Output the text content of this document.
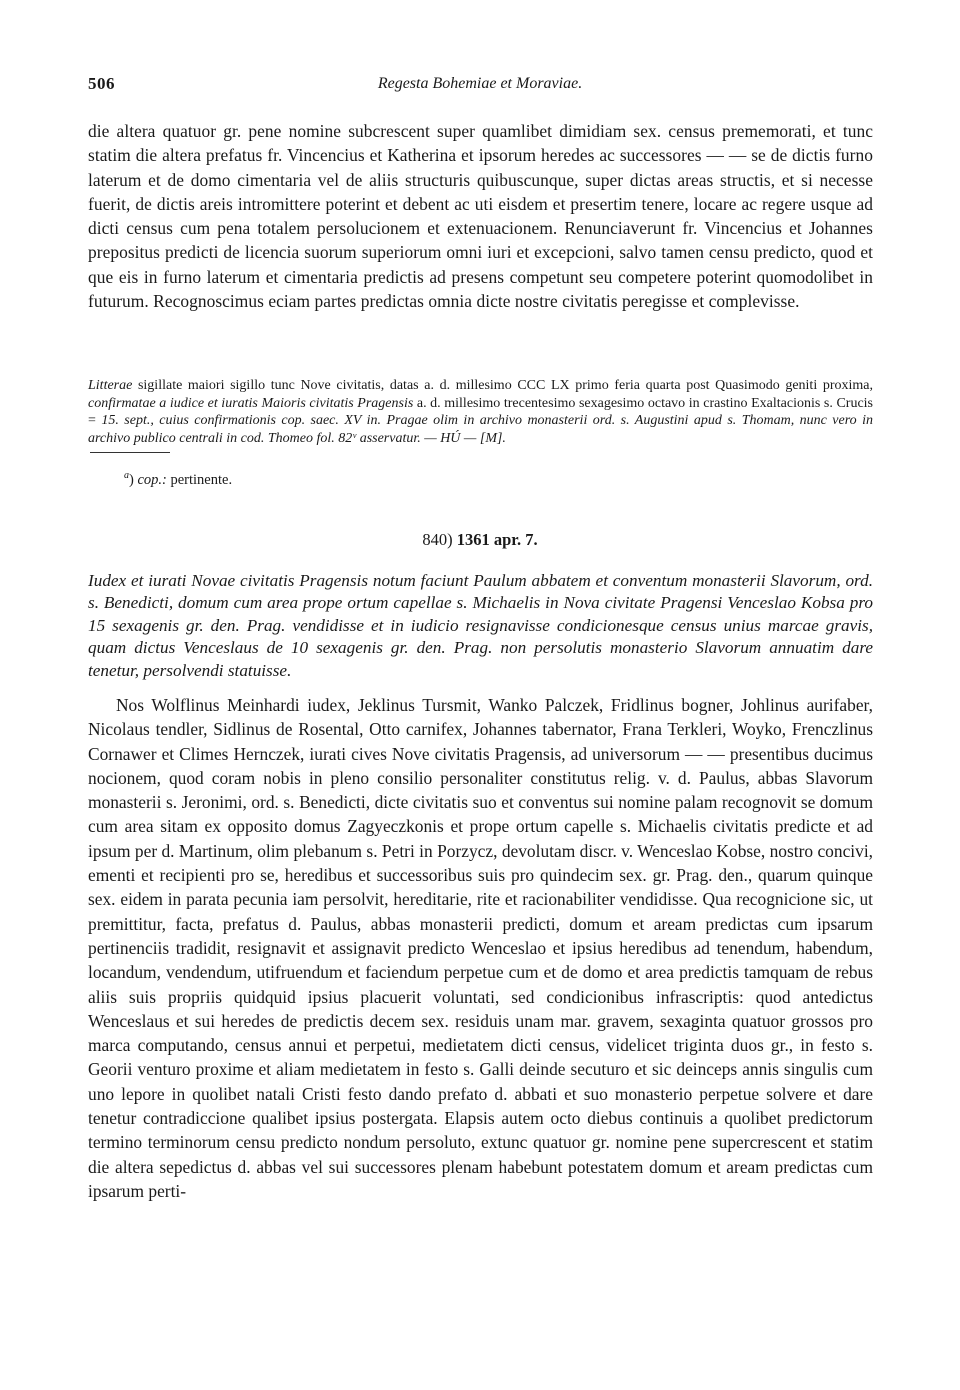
506	Regesta Bohemiae et Moraviae.

die altera quatuor gr. pene nomine subcrescent super quamlibet dimidiam sex. census prememorati, et tunc statim die altera prefatus fr. Vincencius et Katherina et ipsorum heredes ac successores — — se de dictis furno laterum et de domo cimentaria vel de aliis structuris quibuscunque, super dictas areas structis, et si necesse fuerit, de dictis areis intromittere poterint et debent ac uti eisdem et presertim tenere, locare ac regere usque ad dicti census cum pena totalem persolucionem et extenuacionem. Renunciaverunt fr. Vincencius et Johannes prepositus predicti de licencia suorum superiorum omni iuri et excepcioni, salvo tamen censu predicto, quod et que eis in furno laterum et cimentaria predictis ad presens competunt seu competere poterint quomodolibet in futurum. Recognoscimus eciam partes predictas omnia dicte nostre civitatis peregisse et complevisse.

Litterae sigillate maiori sigillo tunc Nove civitatis, datas a. d. millesimo CCC LX primo feria quarta post Quasimodo geniti proxima, confirmatae a iudice et iuratis Maioris civitatis Pragensis a. d. millesimo trecentesimo sexagesimo octavo in crastino Exaltacionis s. Crucis = 15. sept., cuius confirmationis cop. saec. XV in. Pragae olim in archivo monasterii ord. s. Augustini apud s. Thomam, nunc vero in archivo publico centrali in cod. Thomeo fol. 82ᵛ asservatur. — HÚ — [M].

$^a$) cop.: pertinente.
840) 1361 apr. 7.

Iudex et iurati Novae civitatis Pragensis notum faciunt Paulum abbatem et conventum monasterii Slavorum, ord. s. Benedicti, domum cum area prope ortum capellae s. Michaelis in Nova civitate Pragensi Venceslao Kobsa pro 15 sexagenis gr. den. Prag. vendidisse et in iudicio resignavisse condicionesque census unius marcae gravis, quam dictus Venceslaus de 10 sexagenis gr. den. Prag. non persolutis monasterio Slavorum annuatim dare tenetur, persolvendi statuisse.

Nos Wolflinus Meinhardi iudex, Jeklinus Tursmit, Wanko Palczek, Fridlinus bogner, Johlinus aurifaber, Nicolaus tendler, Sidlinus de Rosental, Otto carnifex, Johannes tabernator, Frana Terkleri, Woyko, Frenczlinus Cornawer et Climes Hernczek, iurati cives Nove civitatis Pragensis, ad universorum — — presentibus ducimus nocionem, quod coram nobis in pleno consilio personaliter constitutus relig. v. d. Paulus, abbas Slavorum monasterii s. Jeronimi, ord. s. Benedicti, dicte civitatis suo et conventus sui nomine palam recognovit se domum cum area sitam ex opposito domus Zagyeczkonis et prope ortum capelle s. Michaelis civitatis predicte et ad ipsum per d. Martinum, olim plebanum s. Petri in Porzycz, devolutam discr. v. Wenceslao Kobse, nostro concivi, ementi et recipienti pro se, heredibus et successoribus suis pro quindecim sex. gr. Prag. den., quarum quinque sex. eidem in parata pecunia iam persolvit, hereditarie, rite et racionabiliter vendidisse. Qua recognicione sic, ut premittitur, facta, prefatus d. Paulus, abbas monasterii predicti, domum et aream predictas cum ipsarum pertinenciis tradidit, resignavit et assignavit predicto Wenceslao et ipsius heredibus ad tenendum, habendum, locandum, vendendum, utifruendum et faciendum perpetue cum et de domo et area predictis tamquam de rebus aliis suis propriis quidquid ipsius placuerit voluntati, sed condicionibus infrascriptis: quod antedictus Wenceslaus et sui heredes de predictis decem sex. residuis unam mar. gravem, sexaginta quatuor grossos pro marca computando, census annui et perpetui, medietatem dicti census, videlicet triginta duos gr., in festo s. Georii venturo proxime et aliam medietatem in festo s. Galli deinde secuturo et sic deinceps annis singulis cum uno lepore in quolibet natali Cristi festo dando prefato d. abbati et suo monasterio perpetue solvere et dare tenetur contradiccione qualibet ipsius postergata. Elapsis autem octo diebus continuis a quolibet predictorum termino terminorum censu predicto nondum persoluto, extunc quatuor gr. nomine pene supercrescent et statim die altera sepedictus d. abbas vel sui successores plenam habebunt potestatem domum et aream predictas cum ipsarum perti-
